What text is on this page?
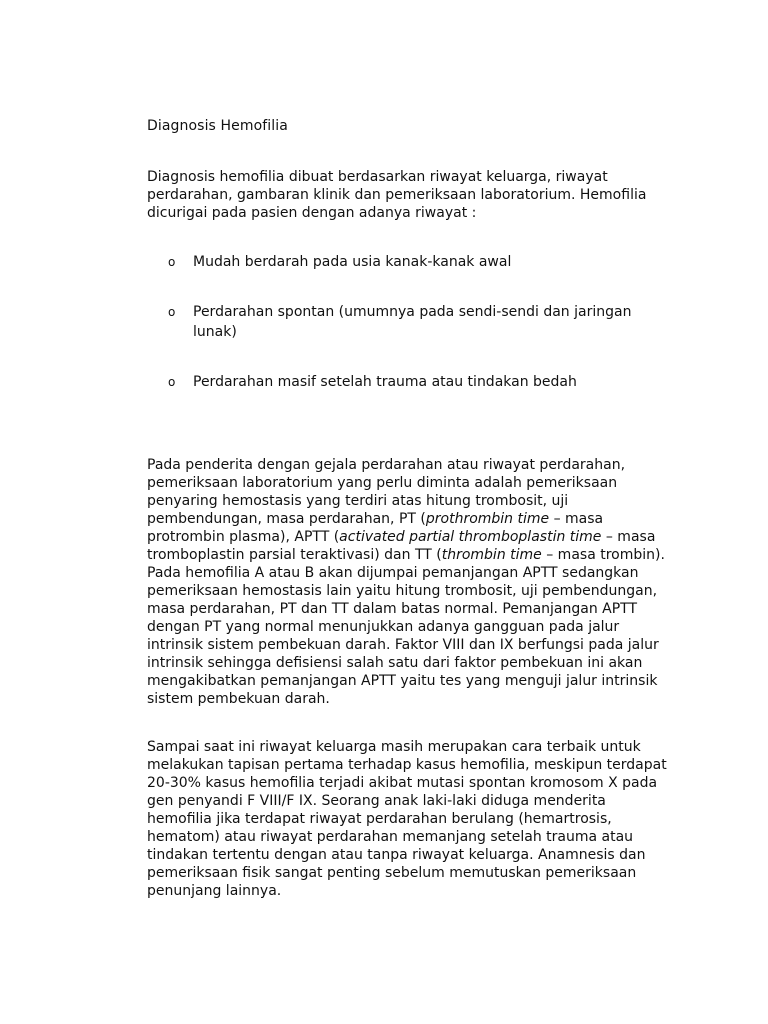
Diagnosis Hemofilia

Diagnosis hemofilia dibuat berdasarkan riwayat keluarga, riwayat perdarahan, gambaran klinik dan pemeriksaan laboratorium. Hemofilia dicurigai pada pasien dengan adanya riwayat :

o Mudah berdarah pada usia kanak-kanak awal
o Perdarahan spontan (umumnya pada sendi-sendi dan jaringan lunak)
o Perdarahan masif setelah trauma atau tindakan bedah

Pada penderita dengan gejala perdarahan atau riwayat perdarahan, pemeriksaan laboratorium yang perlu diminta adalah pemeriksaan penyaring hemostasis yang terdiri atas hitung trombosit, uji pembendungan, masa perdarahan, PT (prothrombin time – masa protrombin plasma), APTT (activated partial thromboplastin time – masa tromboplastin parsial teraktivasi) dan TT (thrombin time – masa trombin). Pada hemofilia A atau B akan dijumpai pemanjangan APTT sedangkan pemeriksaan hemostasis lain yaitu hitung trombosit, uji pembendungan, masa perdarahan, PT dan TT dalam batas normal. Pemanjangan APTT dengan PT yang normal menunjukkan adanya gangguan pada jalur intrinsik sistem pembekuan darah. Faktor VIII dan IX berfungsi pada jalur intrinsik sehingga defisiensi salah satu dari faktor pembekuan ini akan mengakibatkan pemanjangan APTT yaitu tes yang menguji jalur intrinsik sistem pembekuan darah.

Sampai saat ini riwayat keluarga masih merupakan cara terbaik untuk melakukan tapisan pertama terhadap kasus hemofilia, meskipun terdapat 20-30% kasus hemofilia terjadi akibat mutasi spontan kromosom X pada gen penyandi F VIII/F IX. Seorang anak laki-laki diduga menderita hemofilia jika terdapat riwayat perdarahan berulang (hemartrosis, hematom) atau riwayat perdarahan memanjang setelah trauma atau tindakan tertentu dengan atau tanpa riwayat keluarga. Anamnesis dan pemeriksaan fisik sangat penting sebelum memutuskan pemeriksaan penunjang lainnya.
